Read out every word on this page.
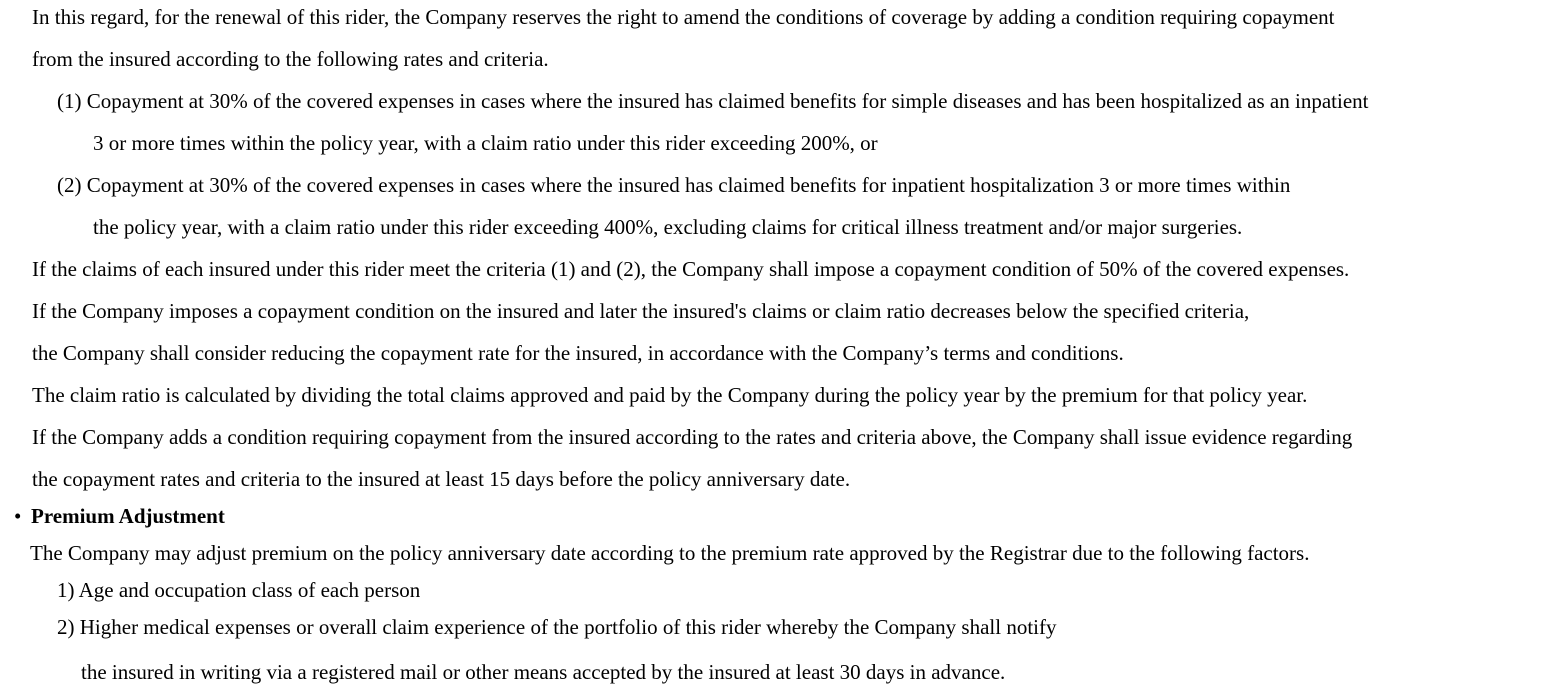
In this regard, for the renewal of this rider, the Company reserves the right to amend the conditions of coverage by adding a condition requiring copayment
from the insured according to the following rates and criteria.
(1) Copayment at 30% of the covered expenses in cases where the insured has claimed benefits for simple diseases and has been hospitalized as an inpatient
3 or more times within the policy year, with a claim ratio under this rider exceeding 200%, or
(2) Copayment at 30% of the covered expenses in cases where the insured has claimed benefits for inpatient hospitalization 3 or more times within
the policy year, with a claim ratio under this rider exceeding 400%, excluding claims for critical illness treatment and/or major surgeries.
If the claims of each insured under this rider meet the criteria (1) and (2), the Company shall impose a copayment condition of 50% of the covered expenses.
If the Company imposes a copayment condition on the insured and later the insured's claims or claim ratio decreases below the specified criteria,
the Company shall consider reducing the copayment rate for the insured, in accordance with the Company’s terms and conditions.
The claim ratio is calculated by dividing the total claims approved and paid by the Company during the policy year by the premium for that policy year.
If the Company adds a condition requiring copayment from the insured according to the rates and criteria above, the Company shall issue evidence regarding
the copayment rates and criteria to the insured at least 15 days before the policy anniversary date.
• Premium Adjustment
The Company may adjust premium on the policy anniversary date according to the premium rate approved by the Registrar due to the following factors.
1) Age and occupation class of each person
2) Higher medical expenses or overall claim experience of the portfolio of this rider whereby the Company shall notify
the insured in writing via a registered mail or other means accepted by the insured at least 30 days in advance.
